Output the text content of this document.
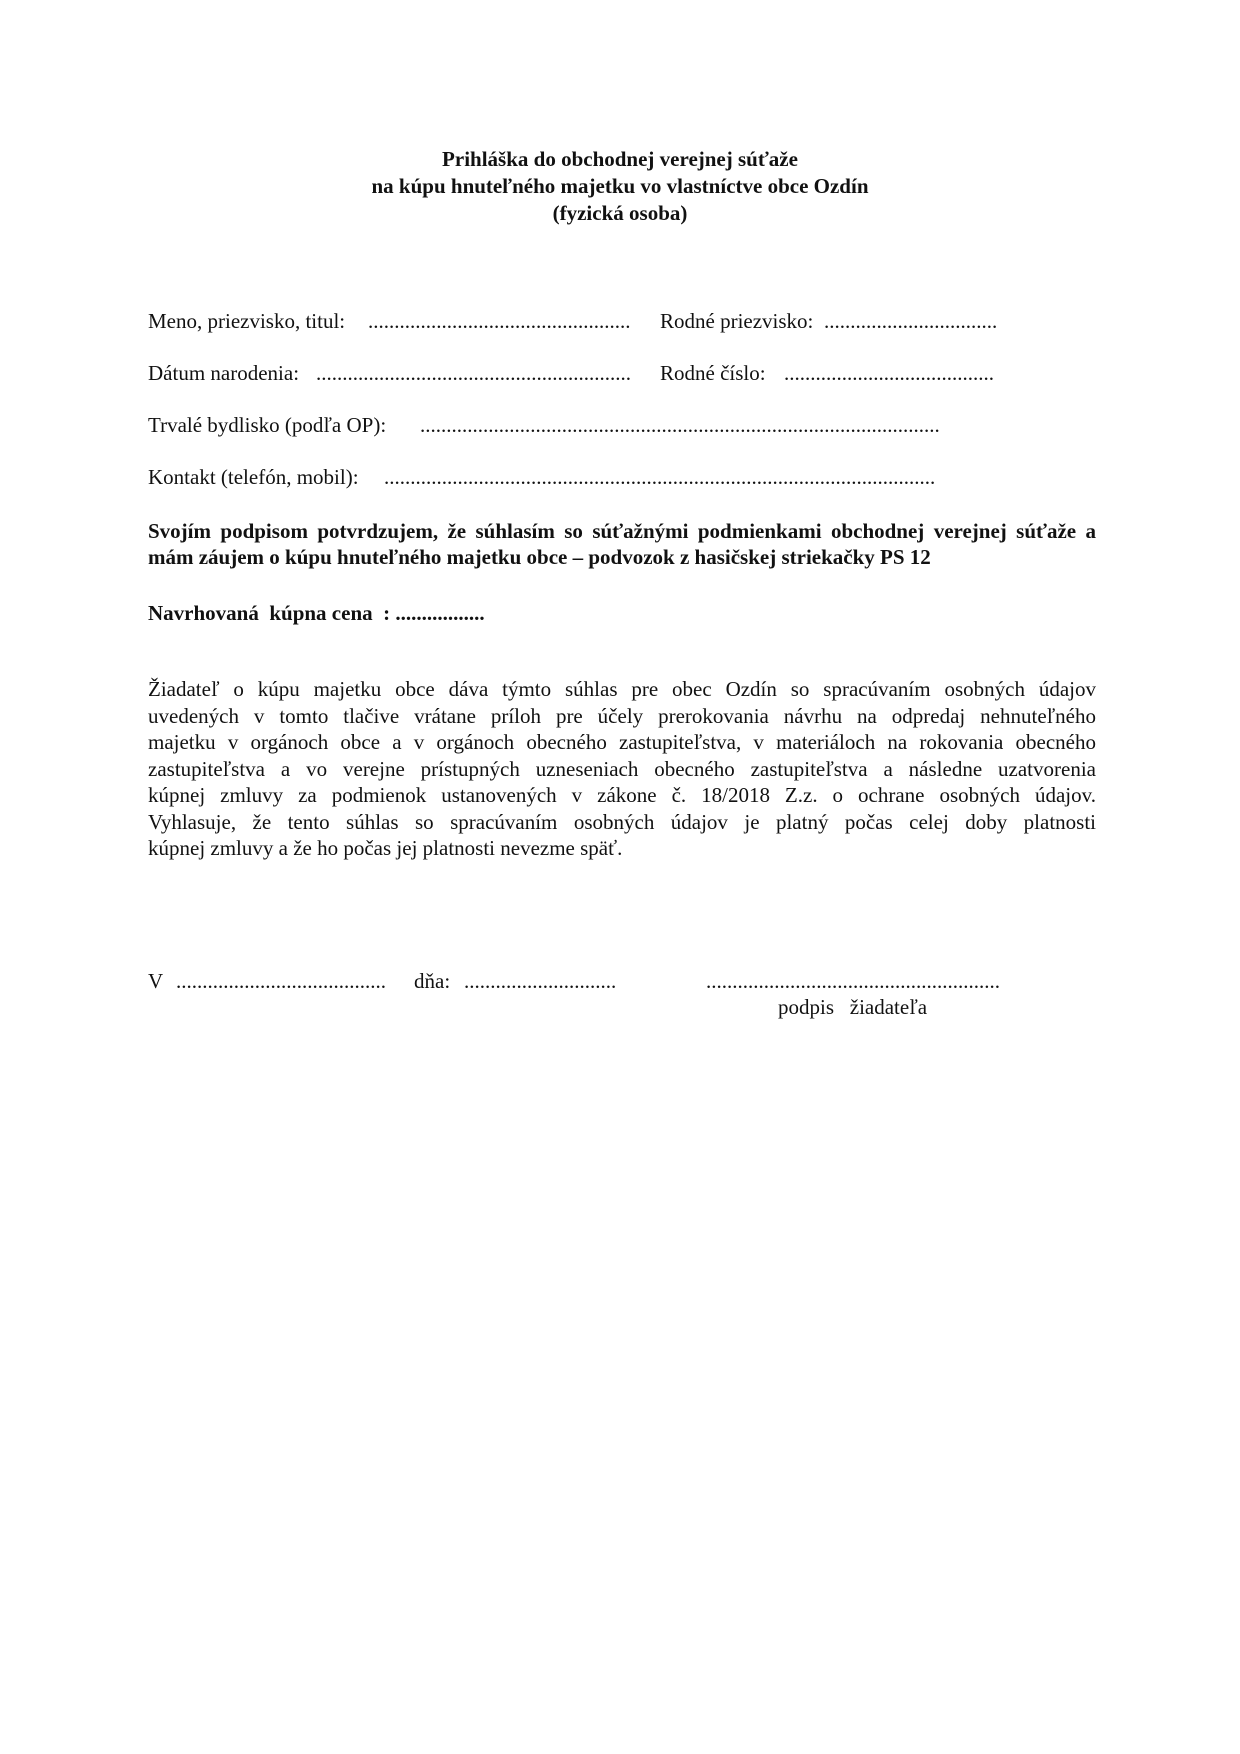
Prihláška do obchodnej verejnej súťaže
na kúpu hnuteľného majetku vo vlastníctve obce Ozdín
(fyzická osoba)
Meno, priezvisko, titul: .................................................. Rodné priezvisko: .................................
Dátum narodenia: ............................................................ Rodné číslo: ........................................
Trvalé bydlisko (podľa OP): ...................................................................................................
Kontakt (telefón, mobil): .........................................................................................................
Svojím podpisom potvrdzujem, že súhlasím so súťažnými podmienkami obchodnej verejnej súťaže a mám záujem o kúpu hnuteľného majetku obce – podvozok z hasičskej striekačky PS 12
Navrhovaná  kúpna cena  : .................
Žiadateľ o kúpu majetku obce dáva týmto súhlas pre obec Ozdín so spracúvaním osobných údajov
uvedených v tomto tlačive vrátane príloh pre účely prerokovania návrhu na odpredaj nehnuteľného
majetku v orgánoch obce a v orgánoch obecného zastupiteľstva, v materiáloch na rokovania obecného
zastupiteľstva a vo verejne prístupných uzneseniach obecného zastupiteľstva a následne uzatvorenia
kúpnej zmluvy za podmienok ustanovených v zákone č. 18/2018 Z.z. o ochrane osobných údajov.
Vyhlasuje, že tento súhlas so spracúvaním osobných údajov je platný počas celej doby platnosti
kúpnej zmluvy a že ho počas jej platnosti nevezme späť.
V ........................................ dňa: .............................	........................................................
podpis   žiadateľa
